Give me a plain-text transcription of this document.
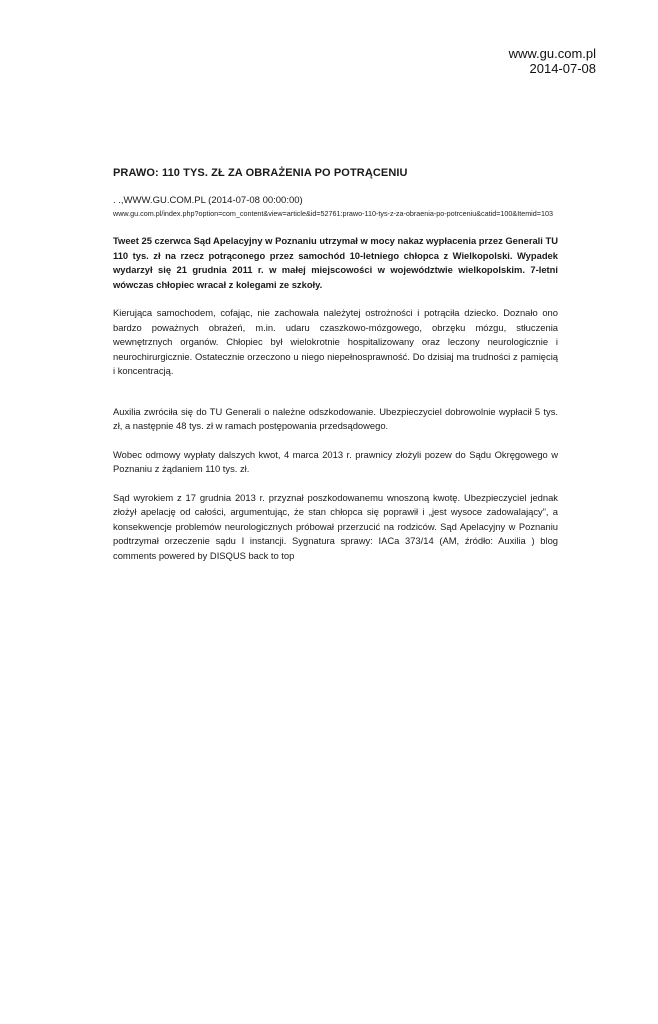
www.gu.com.pl
2014-07-08
PRAWO: 110 TYS. ZŁ ZA OBRAŻENIA PO POTRĄCENIU
. .,WWW.GU.COM.PL (2014-07-08 00:00:00)
www.gu.com.pl/index.php?option=com_content&view=article&id=52761:prawo-110-tys-z-za-obraenia-po-potrceniu&catid=100&Itemid=103

Tweet 25 czerwca Sąd Apelacyjny w Poznaniu utrzymał w mocy nakaz wypłacenia przez Generali TU 110 tys. zł na rzecz potrąconego przez samochód 10-letniego chłopca z Wielkopolski. Wypadek wydarzył się 21 grudnia 2011 r. w małej miejscowości w województwie wielkopolskim. 7-letni wówczas chłopiec wracał z kolegami ze szkoły.

Kierująca samochodem, cofając, nie zachowała należytej ostrożności i potrąciła dziecko. Doznało ono bardzo poważnych obrażeń, m.in. udaru czaszkowo-mózgowego, obrzęku mózgu, stłuczenia wewnętrznych organów. Chłopiec był wielokrotnie hospitalizowany oraz leczony neurologicznie i neurochirurgicznie. Ostatecznie orzeczono u niego niepełnosprawność. Do dzisiaj ma trudności z pamięcią i koncentracją.

Auxilia zwróciła się do TU Generali o należne odszkodowanie. Ubezpieczyciel dobrowolnie wypłacił 5 tys. zł, a następnie 48 tys. zł w ramach postępowania przedsądowego.

Wobec odmowy wypłaty dalszych kwot, 4 marca 2013 r. prawnicy złożyli pozew do Sądu Okręgowego w Poznaniu z żądaniem 110 tys. zł.

Sąd wyrokiem z 17 grudnia 2013 r. przyznał poszkodowanemu wnoszoną kwotę. Ubezpieczyciel jednak złożył apelację od całości, argumentując, że stan chłopca się poprawił i „jest wysoce zadowalający”, a konsekwencje problemów neurologicznych próbował przerzucić na rodziców. Sąd Apelacyjny w Poznaniu podtrzymał orzeczenie sądu I instancji. Sygnatura sprawy: IACa 373/14 (AM, źródło: Auxilia ) blog comments powered by DISQUS back to top
